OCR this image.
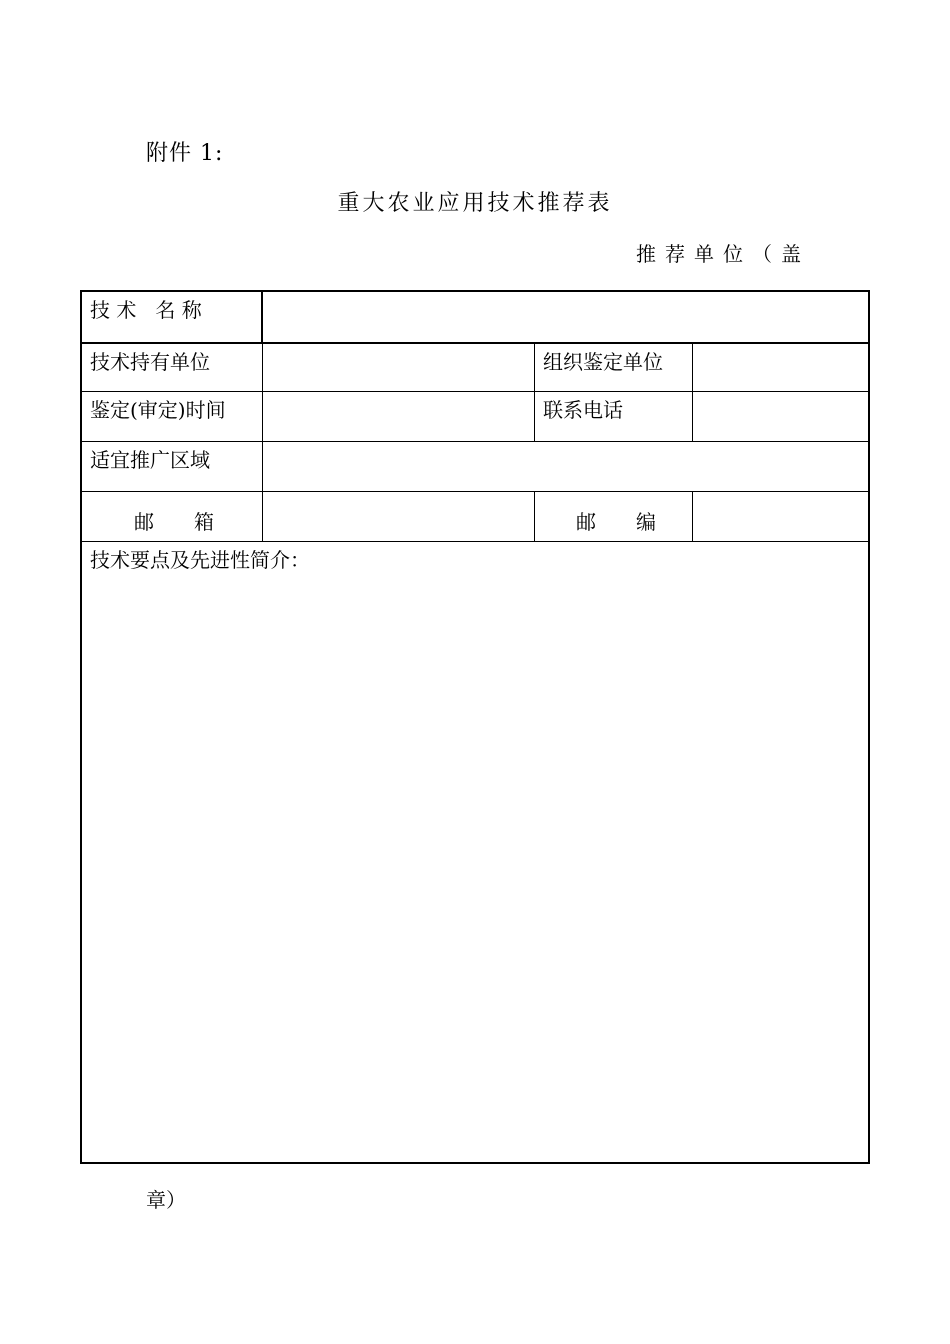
附件 1:
重大农业应用技术推荐表
推荐单位（盖
技 术   名 称
技术持有单位	组织鉴定单位
鉴定(审定)时间	联系电话
适宜推广区域
邮　　箱	邮　　编
技术要点及先进性简介：
章）
